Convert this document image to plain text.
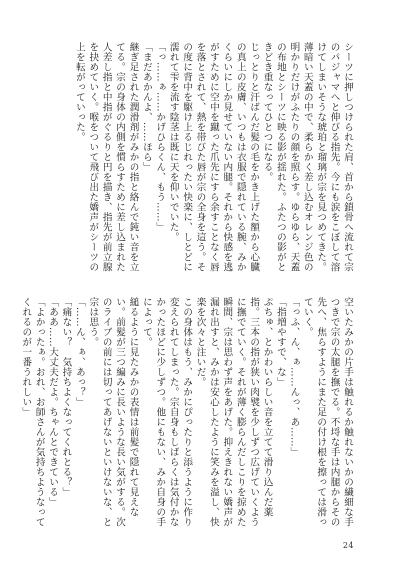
シーツに押しつけられた肩、首から鎖骨へ流れて宗のパジャマへと伸びる指先。今にも涙をこぼして溶けてしまいそうな琥珀と瑠璃が宗を見つめてきた。

薄暗い天蓋の中で、柔らかく差し込むオレンジ色の明かりだけがふたりの顔を照らす。ゆらゆら、天蓋の布地とシーツに映る影が揺れた。ふたつの影がときどき重なってひとつになる。

じっとりと汗ばんだ髪の毛をかき上げた額から心臓の真上の皮膚、いつもは衣服で隠れている腕、みかくらいにしか見せていない内腿。それから快感を逃がすために空中を蹴った爪先にすら余すことなく唇を落とされて、熱を帯びた唇が宗の全身を這う。その度に背中を駆け上るじれったい快楽に、しとどに濡れて雫を流す陰茎は既に天を仰いでいた。

「っ……ぁ……かげひらくん、もう……」

「まだあかんよ、……ほら」

継ぎ足された潤滑剤がみかの指と絡んで鈍い音を立てる。宗の身体の内側を慣らすために差し込まれた人差し指と中指がぐるりと円を描き、指先が前立腺を抉めていく。喉をついて飛び出た嬌声がシーツの上を転がっていった。

空いたみかの片手は触れるか触れないかの繊細な手つきで宗の太腿を撫でる。不埒な手は内腿からその先へ、焦らすようにまた足の付け根を擦っては滑っていく。

「っふ、ん、ぁ……んっ、あ……」

「指増やすで、な」

ぷちゅ、とかわいらしい音を立てて滑り込んだ薬指。三本の指が狭い肉襞を少しずつ広げていくように撫でていく。それが薄く膨らんだしこりを掠めた瞬間、宗は思わず声をあげた。抑えきれない嬌声が漏れ出すと、みかは安心したように笑みを溢し、快楽を次々と注いだ。

この身体はもう、みかにぴったりと添うように作り変えられてしまった。宗自身もしばらくは気付かなかったほどに少しずつ。他にもない、みか自身の手によって。

縋るように見たみかの表情は前髪で隠れて見えない。前髪が三つ編みに長いような長い気がする。次のライブの前には切ってあげないといけないな、と宗は思う。

「……ん、ぁ、あっ？」

「痛ない？　気持ちよくなってくれとる？」

「ああ……大丈夫だよ。ちゃんとできている」

「よかったぁ。おれ、お師さんが気持ちようなってくれるのが一番うれしい」

24
